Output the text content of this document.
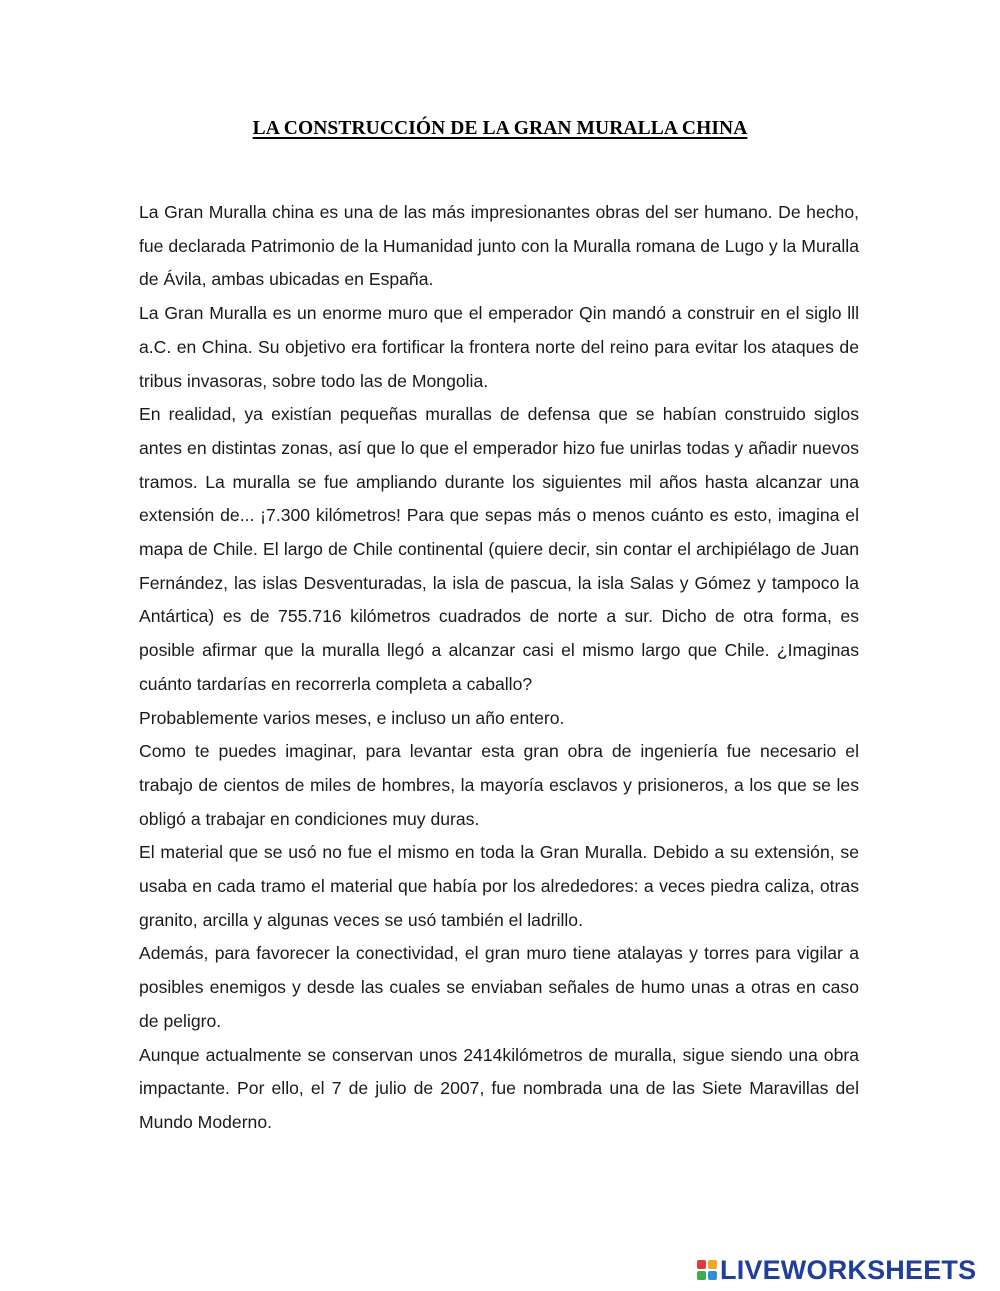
LA CONSTRUCCIÓN DE LA GRAN MURALLA CHINA

La Gran Muralla china es una de las más impresionantes obras del ser humano. De hecho, fue declarada Patrimonio de la Humanidad junto con la Muralla romana de Lugo y la Muralla de Ávila, ambas ubicadas en España.

La Gran Muralla es un enorme muro que el emperador Qin mandó a construir en el siglo lll a.C. en China. Su objetivo era fortificar la frontera norte del reino para evitar los ataques de tribus invasoras, sobre todo las de Mongolia.

En realidad, ya existían pequeñas murallas de defensa que se habían construido siglos antes en distintas zonas, así que lo que el emperador hizo fue unirlas todas y añadir nuevos tramos. La muralla se fue ampliando durante los siguientes mil años hasta alcanzar una extensión de... ¡7.300 kilómetros! Para que sepas más o menos cuánto es esto, imagina el mapa de Chile. El largo de Chile continental (quiere decir, sin contar el archipiélago de Juan Fernández, las islas Desventuradas, la isla de pascua, la isla Salas y Gómez y tampoco la Antártica) es de 755.716 kilómetros cuadrados de norte a sur. Dicho de otra forma, es posible afirmar que la muralla llegó a alcanzar casi el mismo largo que Chile. ¿Imaginas cuánto tardarías en recorrerla completa a caballo?

Probablemente varios meses, e incluso un año entero.

Como te puedes imaginar, para levantar esta gran obra de ingeniería fue necesario el trabajo de cientos de miles de hombres, la mayoría esclavos y prisioneros, a los que se les obligó a trabajar en condiciones muy duras.

El material que se usó no fue el mismo en toda la Gran Muralla. Debido a su extensión, se usaba en cada tramo el material que había por los alrededores: a veces piedra caliza, otras granito, arcilla y algunas veces se usó también el ladrillo.

Además, para favorecer la conectividad, el gran muro tiene atalayas y torres para vigilar a posibles enemigos y desde las cuales se enviaban señales de humo unas a otras en caso de peligro.

Aunque actualmente se conservan unos 2414kilómetros de muralla, sigue siendo una obra impactante. Por ello, el 7 de julio de 2007, fue nombrada una de las Siete Maravillas del Mundo Moderno.

LIVEWORKSHEETS
